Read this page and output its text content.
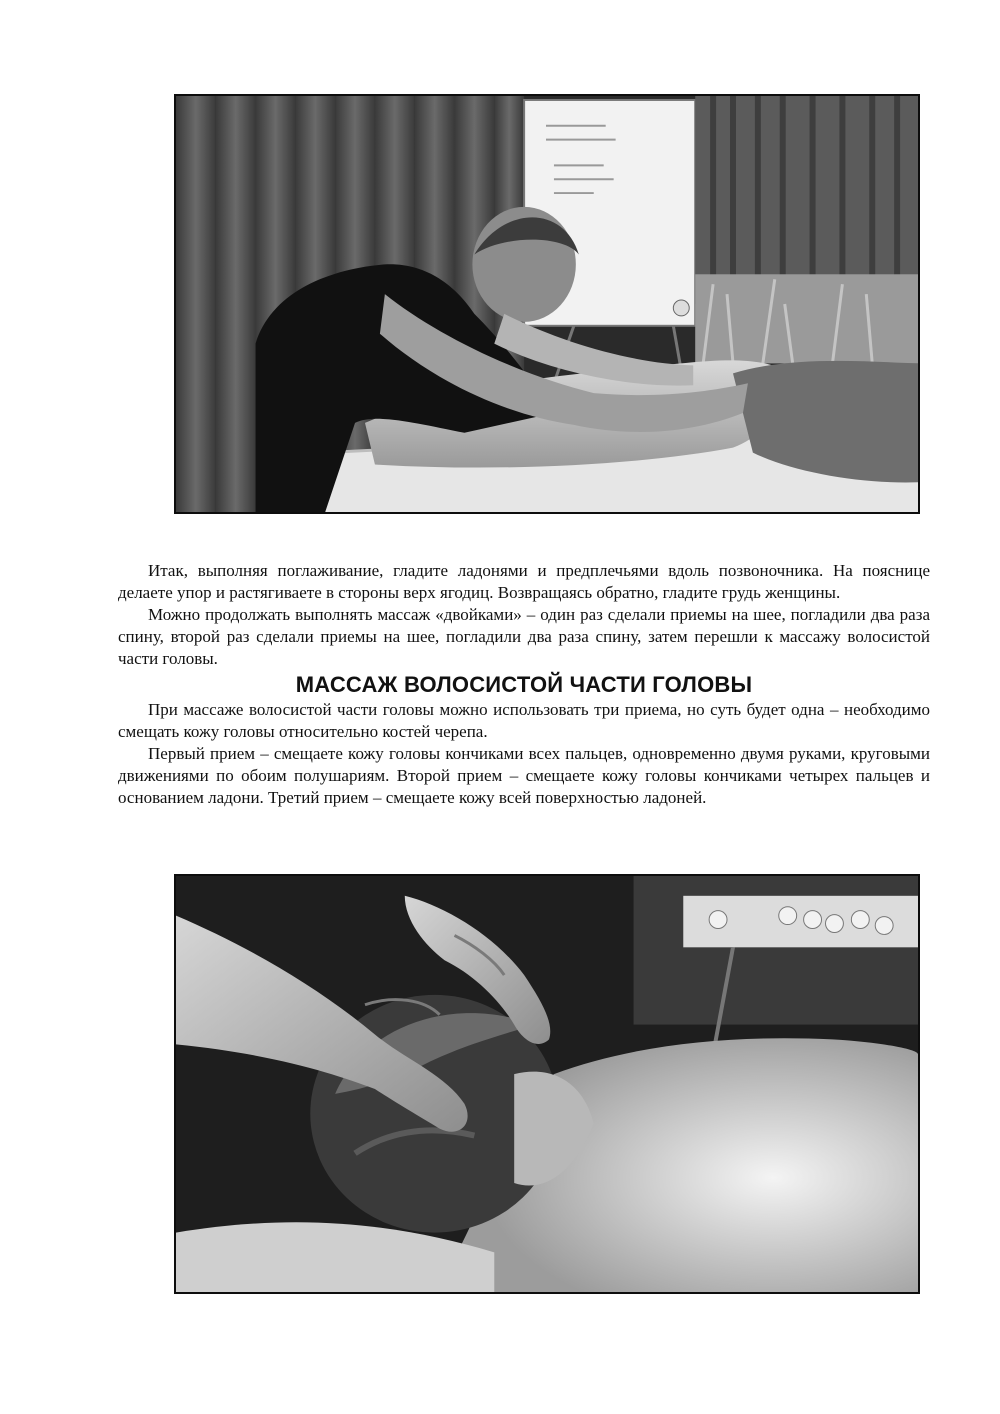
Итак, выполняя поглаживание, гладите ладонями и предплечьями вдоль позвоночника. На пояснице делаете упор и растягиваете в стороны верх ягодиц. Возвращаясь обратно, гладите грудь женщины.

Можно продолжать выполнять массаж «двойками» – один раз сделали приемы на шее, погладили два раза спину, второй раз сделали приемы на шее, погладили два раза спину, затем перешли к массажу волосистой части головы.

МАССАЖ ВОЛОСИСТОЙ ЧАСТИ ГОЛОВЫ

При массаже волосистой части головы можно использовать три приема, но суть будет одна – необходимо смещать кожу головы относительно костей черепа.

Первый прием – смещаете кожу головы кончиками всех пальцев, одновременно двумя руками, круговыми движениями по обоим полушариям. Второй прием – смещаете кожу головы кончиками четырех пальцев и основанием ладони. Третий прием – смещаете кожу всей поверхностью ладоней.
